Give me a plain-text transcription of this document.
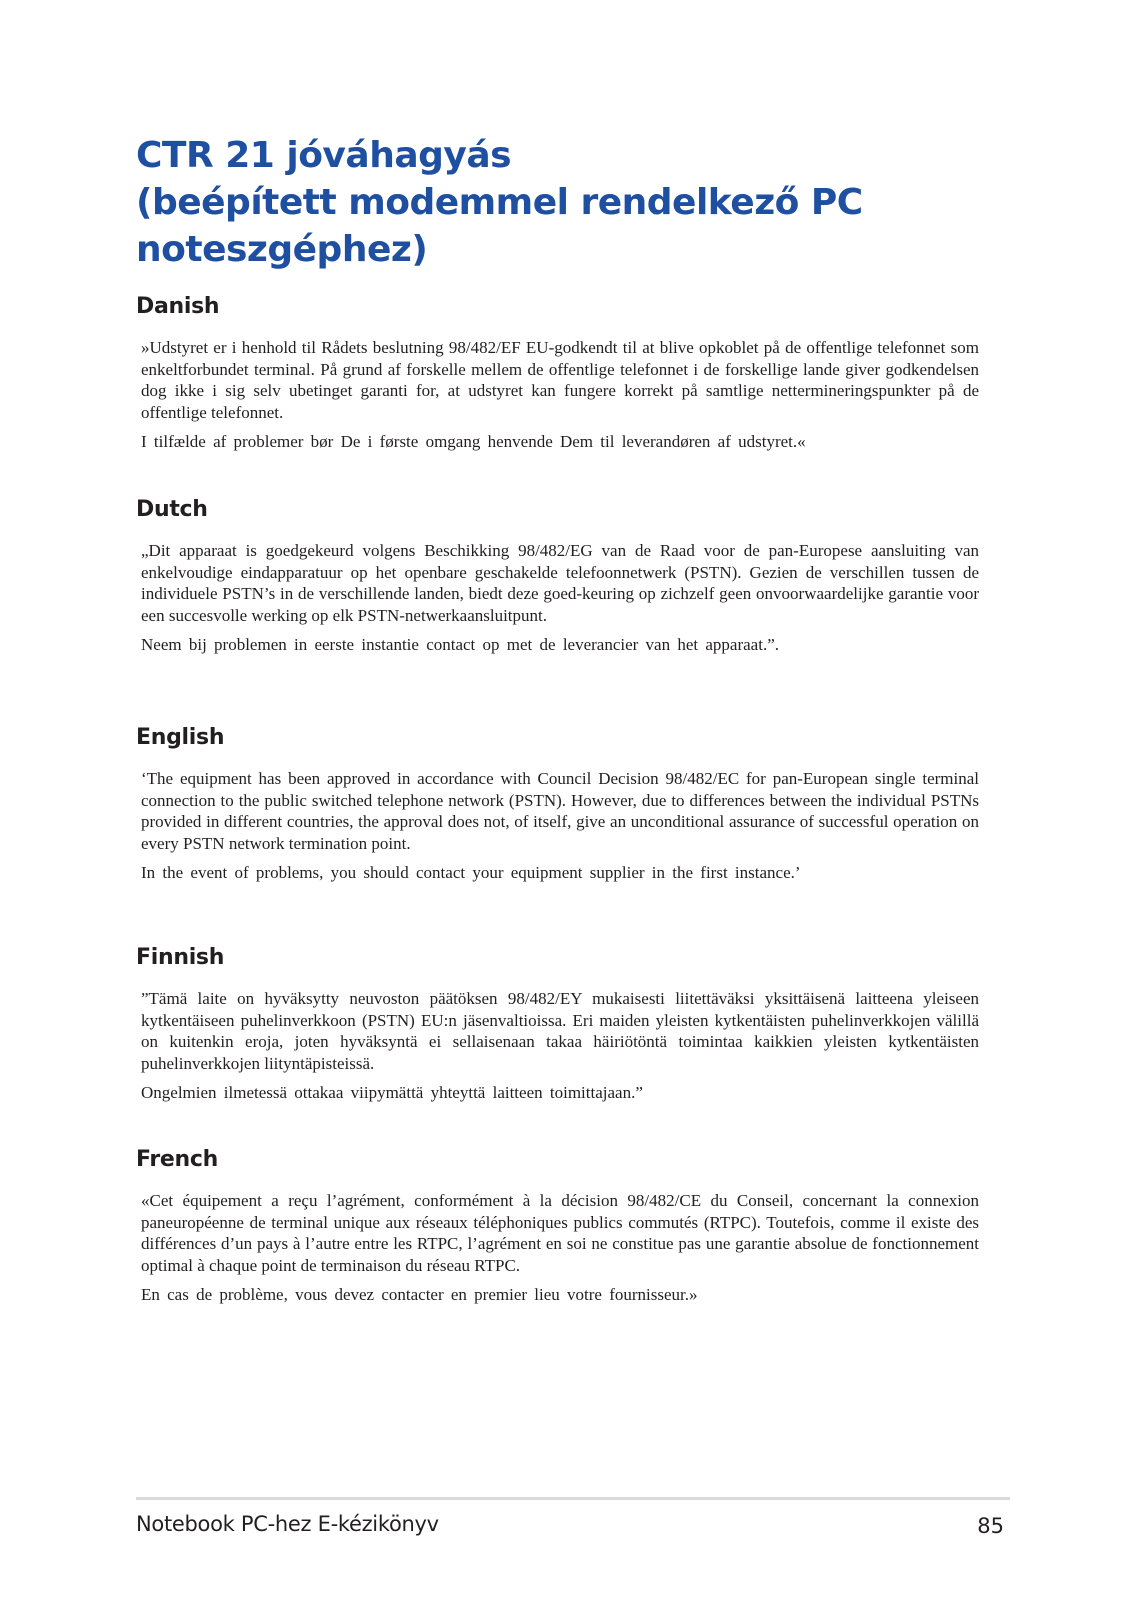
CTR 21 jóváhagyás
(beépített modemmel rendelkező PC
noteszgéphez)
Danish

»Udstyret er i henhold til Rådets beslutning 98/482/EF EU-godkendt til at blive opkoblet på de offentlige telefonnet som enkeltforbundet terminal. På grund af forskelle mellem de offentlige telefonnet i de forskellige lande giver godkendelsen dog ikke i sig selv ubetinget garanti for, at udstyret kan fungere korrekt på samtlige nettermineringspunkter på de offentlige telefonnet.

I tilfælde af problemer bør De i første omgang henvende Dem til leverandøren af udstyret.«

Dutch

„Dit apparaat is goedgekeurd volgens Beschikking 98/482/EG van de Raad voor de pan-Europese aansluiting van enkelvoudige eindapparatuur op het openbare geschakelde telefoonnetwerk (PSTN). Gezien de verschillen tussen de individuele PSTN’s in de verschillende landen, biedt deze goed-keuring op zichzelf geen onvoorwaardelijke garantie voor een succesvolle werking op elk PSTN-netwerkaansluitpunt.

Neem bij problemen in eerste instantie contact op met de leverancier van het apparaat.”.

English

‘The equipment has been approved in accordance with Council Decision 98/482/EC for pan-European single terminal connection to the public switched telephone network (PSTN). However, due to differences between the individual PSTNs provided in different countries, the approval does not, of itself, give an unconditional assurance of successful operation on every PSTN network termination point.

In the event of problems, you should contact your equipment supplier in the first instance.’

Finnish

”Tämä laite on hyväksytty neuvoston päätöksen 98/482/EY mukaisesti liitettäväksi yksittäisenä laitteena yleiseen kytkentäiseen puhelinverkkoon (PSTN) EU:n jäsenvaltioissa. Eri maiden yleisten kytkentäisten puhelinverkkojen välillä on kuitenkin eroja, joten hyväksyntä ei sellaisenaan takaa häiriötöntä toimintaa kaikkien yleisten kytkentäisten puhelinverkkojen liityntäpisteissä.

Ongelmien ilmetessä ottakaa viipymättä yhteyttä laitteen toimittajaan.”

French

«Cet équipement a reçu l’agrément, conformément à la décision 98/482/CE du Conseil, concernant la connexion paneuropéenne de terminal unique aux réseaux téléphoniques publics commutés (RTPC). Toutefois, comme il existe des différences d’un pays à l’autre entre les RTPC, l’agrément en soi ne constitue pas une garantie absolue de fonctionnement optimal à chaque point de terminaison du réseau RTPC.

En cas de problème, vous devez contacter en premier lieu votre fournisseur.»

Notebook PC-hez E-kézikönyv	85
